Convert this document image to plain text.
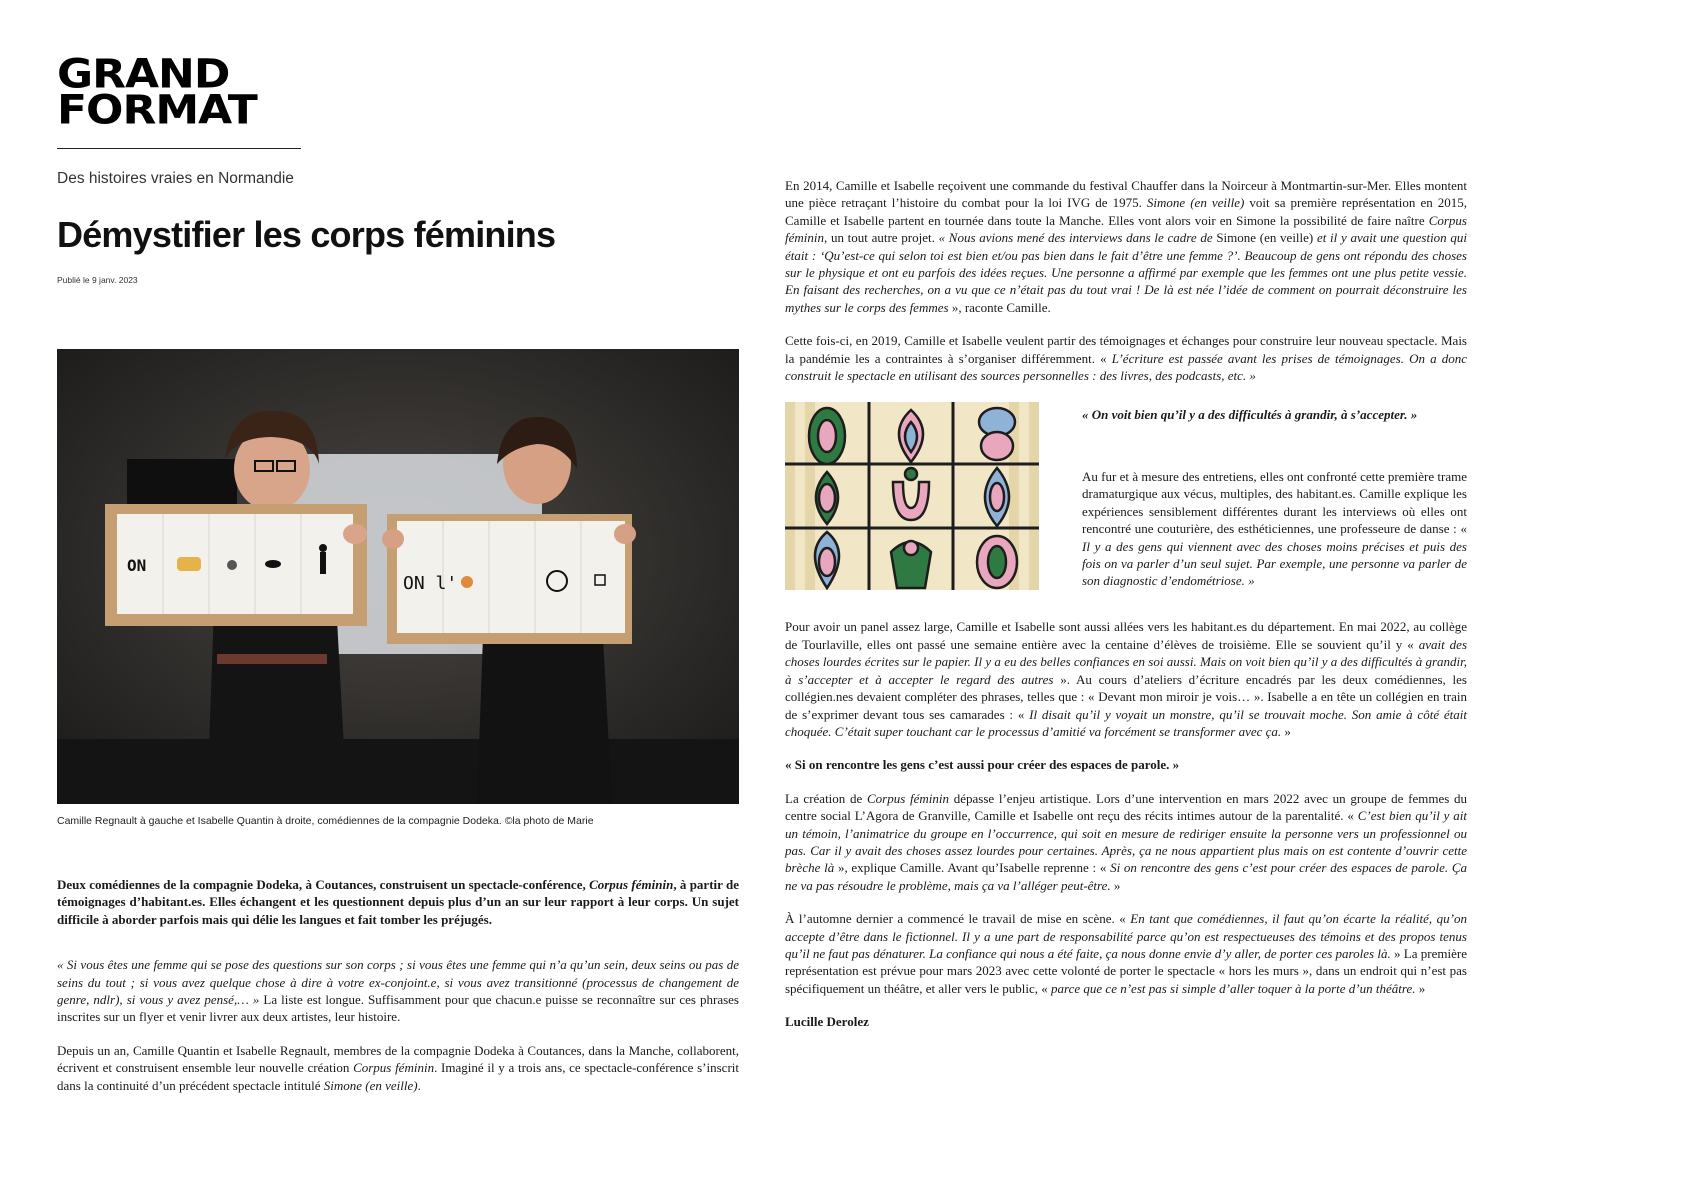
GRAND
FORMAT
Des histoires vraies en Normandie
Démystifier les corps féminins
Publié le 9 janv. 2023
ON
ON l'
Camille Regnault à gauche et Isabelle Quantin à droite, comédiennes de la compagnie Dodeka. ©la photo de Marie

Deux comédiennes de la compagnie Dodeka, à Coutances, construisent un spectacle-conférence, Corpus féminin, à partir de témoignages d’habitant.es. Elles échangent et les questionnent depuis plus d’un an sur leur rapport à leur corps. Un sujet difficile à aborder parfois mais qui délie les langues et fait tomber les préjugés.

« Si vous êtes une femme qui se pose des questions sur son corps ; si vous êtes une femme qui n’a qu’un sein, deux seins ou pas de seins du tout ; si vous avez quelque chose à dire à votre ex-conjoint.e, si vous avez transitionné (processus de changement de genre, ndlr), si vous y avez pensé,… » La liste est longue. Suffisamment pour que chacun.e puisse se reconnaître sur ces phrases inscrites sur un flyer et venir livrer aux deux artistes, leur histoire.

Depuis un an, Camille Quantin et Isabelle Regnault, membres de la compagnie Dodeka à Coutances, dans la Manche, collaborent, écrivent et construisent ensemble leur nouvelle création Corpus féminin. Imaginé il y a trois ans, ce spectacle-conférence s’inscrit dans la continuité d’un précédent spectacle intitulé Simone (en veille).

En 2014, Camille et Isabelle reçoivent une commande du festival Chauffer dans la Noirceur à Montmartin-sur-Mer. Elles montent une pièce retraçant l’histoire du combat pour la loi IVG de 1975. Simone (en veille) voit sa première représentation en 2015, Camille et Isabelle partent en tournée dans toute la Manche. Elles vont alors voir en Simone la possibilité de faire naître Corpus féminin, un tout autre projet. « Nous avions mené des interviews dans le cadre de Simone (en veille) et il y avait une question qui était : ‘Qu’est-ce qui selon toi est bien et/ou pas bien dans le fait d’être une femme ?’. Beaucoup de gens ont répondu des choses sur le physique et ont eu parfois des idées reçues. Une personne a affirmé par exemple que les femmes ont une plus petite vessie. En faisant des recherches, on a vu que ce n’était pas du tout vrai ! De là est née l’idée de comment on pourrait déconstruire les mythes sur le corps des femmes », raconte Camille.

Cette fois-ci, en 2019, Camille et Isabelle veulent partir des témoignages et échanges pour construire leur nouveau spectacle. Mais la pandémie les a contraintes à s’organiser différemment. « L’écriture est passée avant les prises de témoignages. On a donc construit le spectacle en utilisant des sources personnelles : des livres, des podcasts, etc. »

« On voit bien qu’il y a des difficultés à grandir, à s’accepter. »

Au fur et à mesure des entretiens, elles ont confronté cette première trame dramaturgique aux vécus, multiples, des habitant.es. Camille explique les expériences sensiblement différentes durant les interviews où elles ont rencontré une couturière, des esthéticiennes, une professeure de danse : « Il y a des gens qui viennent avec des choses moins précises et puis des fois on va parler d’un seul sujet. Par exemple, une personne va parler de son diagnostic d’endométriose. »

Pour avoir un panel assez large, Camille et Isabelle sont aussi allées vers les habitant.es du département. En mai 2022, au collège de Tourlaville, elles ont passé une semaine entière avec la centaine d’élèves de troisième. Elle se souvient qu’il y « avait des choses lourdes écrites sur le papier. Il y a eu des belles confiances en soi aussi. Mais on voit bien qu’il y a des difficultés à grandir, à s’accepter et à accepter le regard des autres ». Au cours d’ateliers d’écriture encadrés par les deux comédiennes, les collégien.nes devaient compléter des phrases, telles que : « Devant mon miroir je vois… ». Isabelle a en tête un collégien en train de s’exprimer devant tous ses camarades : « Il disait qu’il y voyait un monstre, qu’il se trouvait moche. Son amie à côté était choquée. C’était super touchant car le processus d’amitié va forcément se transformer avec ça. »

« Si on rencontre les gens c’est aussi pour créer des espaces de parole. »

La création de Corpus féminin dépasse l’enjeu artistique. Lors d’une intervention en mars 2022 avec un groupe de femmes du centre social L’Agora de Granville, Camille et Isabelle ont reçu des récits intimes autour de la parentalité. « C’est bien qu’il y ait un témoin, l’animatrice du groupe en l’occurrence, qui soit en mesure de rediriger ensuite la personne vers un professionnel ou pas. Car il y avait des choses assez lourdes pour certaines. Après, ça ne nous appartient plus mais on est contente d’ouvrir cette brèche là », explique Camille. Avant qu’Isabelle reprenne : « Si on rencontre des gens c’est pour créer des espaces de parole. Ça ne va pas résoudre le problème, mais ça va l’alléger peut-être. »

À l’automne dernier a commencé le travail de mise en scène. « En tant que comédiennes, il faut qu’on écarte la réalité, qu’on accepte d’être dans le fictionnel. Il y a une part de responsabilité parce qu’on est respectueuses des témoins et des propos tenus qu’il ne faut pas dénaturer. La confiance qui nous a été faite, ça nous donne envie d’y aller, de porter ces paroles là. » La première représentation est prévue pour mars 2023 avec cette volonté de porter le spectacle « hors les murs », dans un endroit qui n’est pas spécifiquement un théâtre, et aller vers le public, « parce que ce n’est pas si simple d’aller toquer à la porte d’un théâtre. »

Lucille Derolez
